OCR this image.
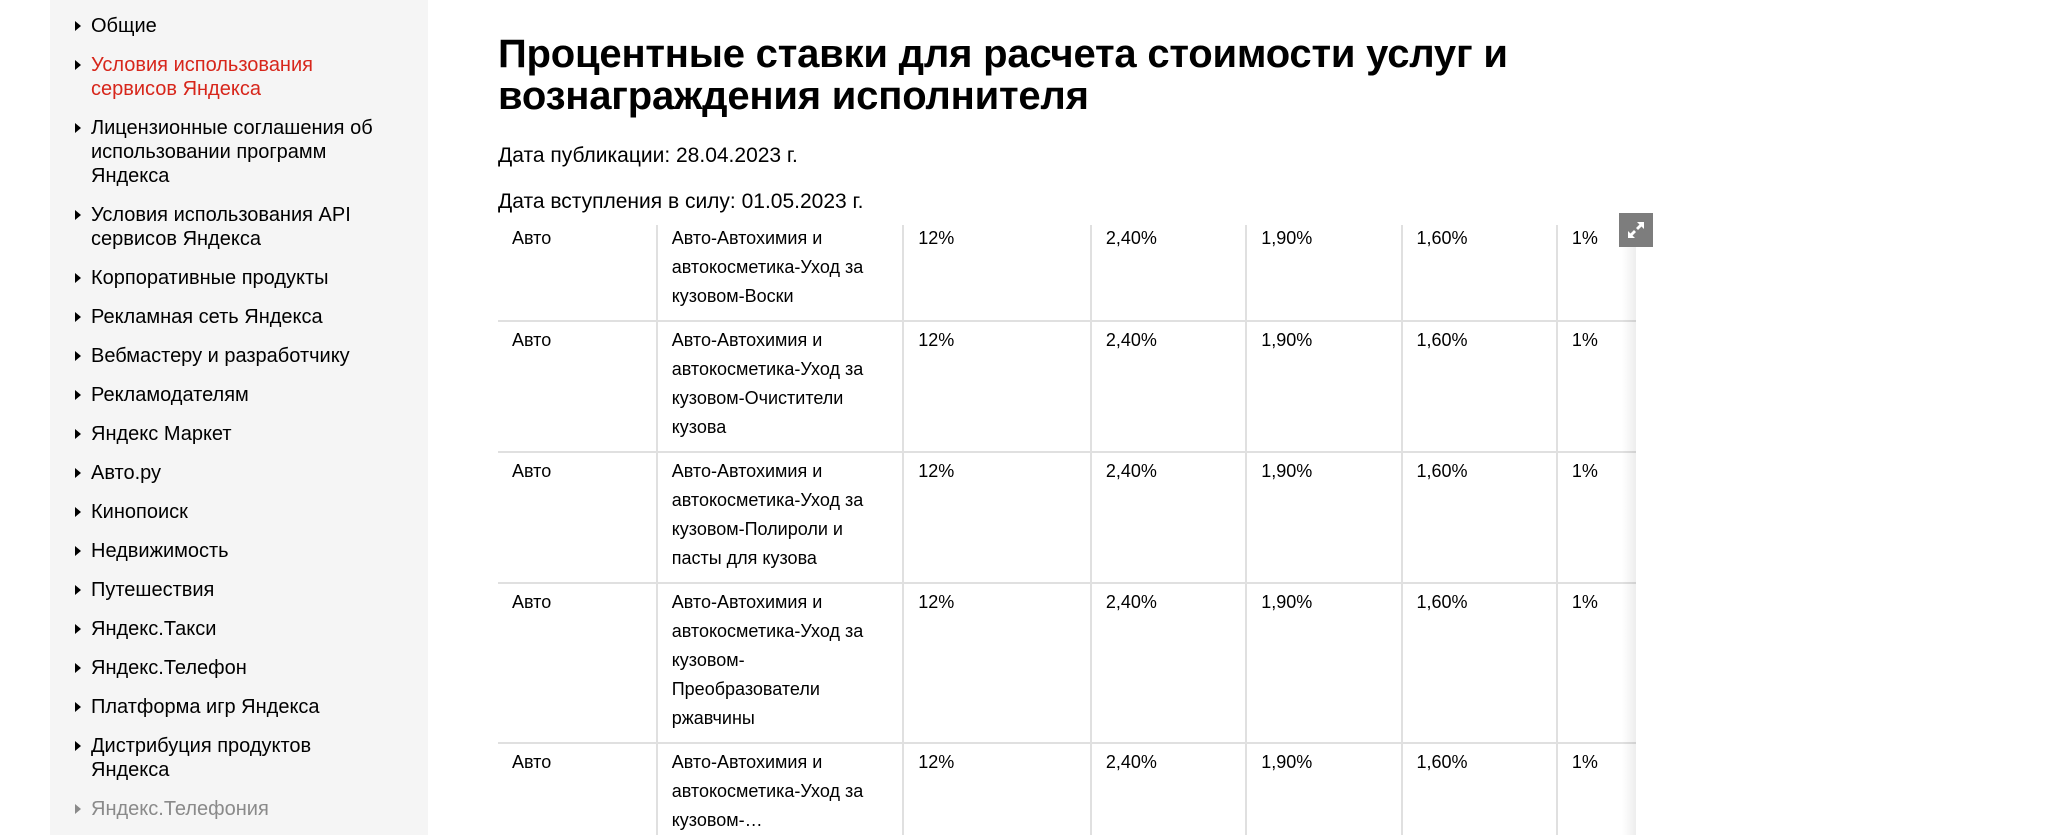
Общие
Условия использования сервисов Яндекса
Лицензионные соглашения об использовании программ Яндекса
Условия использования API сервисов Яндекса
Корпоративные продукты
Рекламная сеть Яндекса
Вебмастеру и разработчику
Рекламодателям
Яндекс Маркет
Авто.ру
Кинопоиск
Недвижимость
Путешествия
Яндекс.Такси
Яндекс.Телефон
Платформа игр Яндекса
Дистрибуция продуктов Яндекса
Яндекс.Телефония
Процентные ставки для расчета стоимости услуг и вознаграждения исполнителя

Дата публикации: 28.04.2023 г.

Дата вступления в силу: 01.05.2023 г.

Авто	Авто-Автохимия и автокосметика-Уход за кузовом-Воски	12%	2,40%	1,90%	1,60%	1%
Авто	Авто-Автохимия и автокосметика-Уход за кузовом-Очистители кузова	12%	2,40%	1,90%	1,60%	1%
Авто	Авто-Автохимия и автокосметика-Уход за кузовом-Полироли и пасты для кузова	12%	2,40%	1,90%	1,60%	1%
Авто	Авто-Автохимия и автокосметика-Уход за кузовом-Преобразователи ржавчины	12%	2,40%	1,90%	1,60%	1%
Авто	Авто-Автохимия и автокосметика-Уход за кузовом-…	12%	2,40%	1,90%	1,60%	1%
